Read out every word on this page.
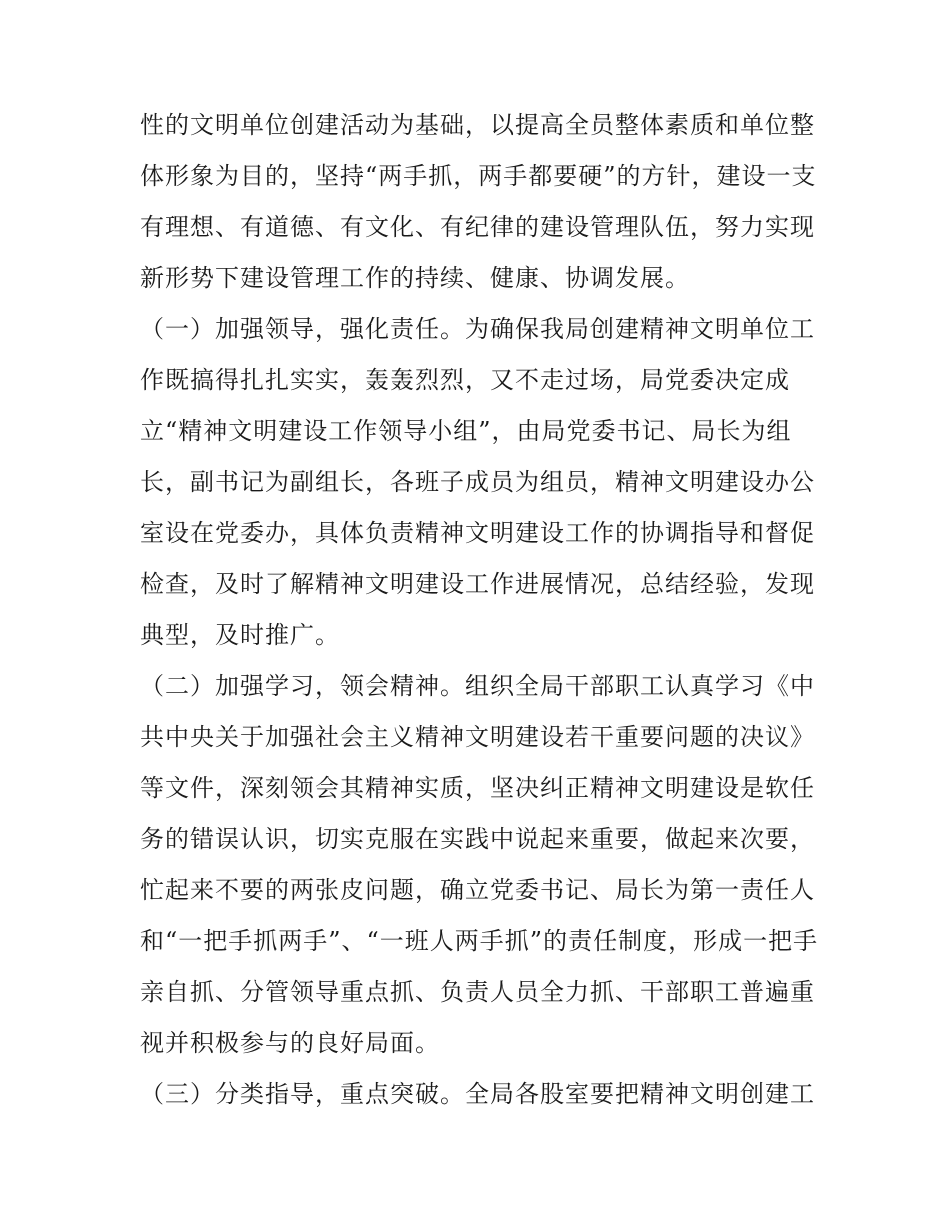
性的文明单位创建活动为基础，以提高全员整体素质和单位整
体形象为目的，坚持“两手抓，两手都要硬”的方针，建设一支
有理想、有道德、有文化、有纪律的建设管理队伍，努力实现
新形势下建设管理工作的持续、健康、协调发展。
（一）加强领导，强化责任。为确保我局创建精神文明单位工
作既搞得扎扎实实，轰轰烈烈，又不走过场，局党委决定成
立“精神文明建设工作领导小组”，由局党委书记、局长为组
长，副书记为副组长，各班子成员为组员，精神文明建设办公
室设在党委办，具体负责精神文明建设工作的协调指导和督促
检查，及时了解精神文明建设工作进展情况，总结经验，发现
典型，及时推广。
（二）加强学习，领会精神。组织全局干部职工认真学习《中
共中央关于加强社会主义精神文明建设若干重要问题的决议》
等文件，深刻领会其精神实质，坚决纠正精神文明建设是软任
务的错误认识，切实克服在实践中说起来重要，做起来次要，
忙起来不要的两张皮问题，确立党委书记、局长为第一责任人
和“一把手抓两手”、“一班人两手抓”的责任制度，形成一把手
亲自抓、分管领导重点抓、负责人员全力抓、干部职工普遍重
视并积极参与的良好局面。
（三）分类指导，重点突破。全局各股室要把精神文明创建工
